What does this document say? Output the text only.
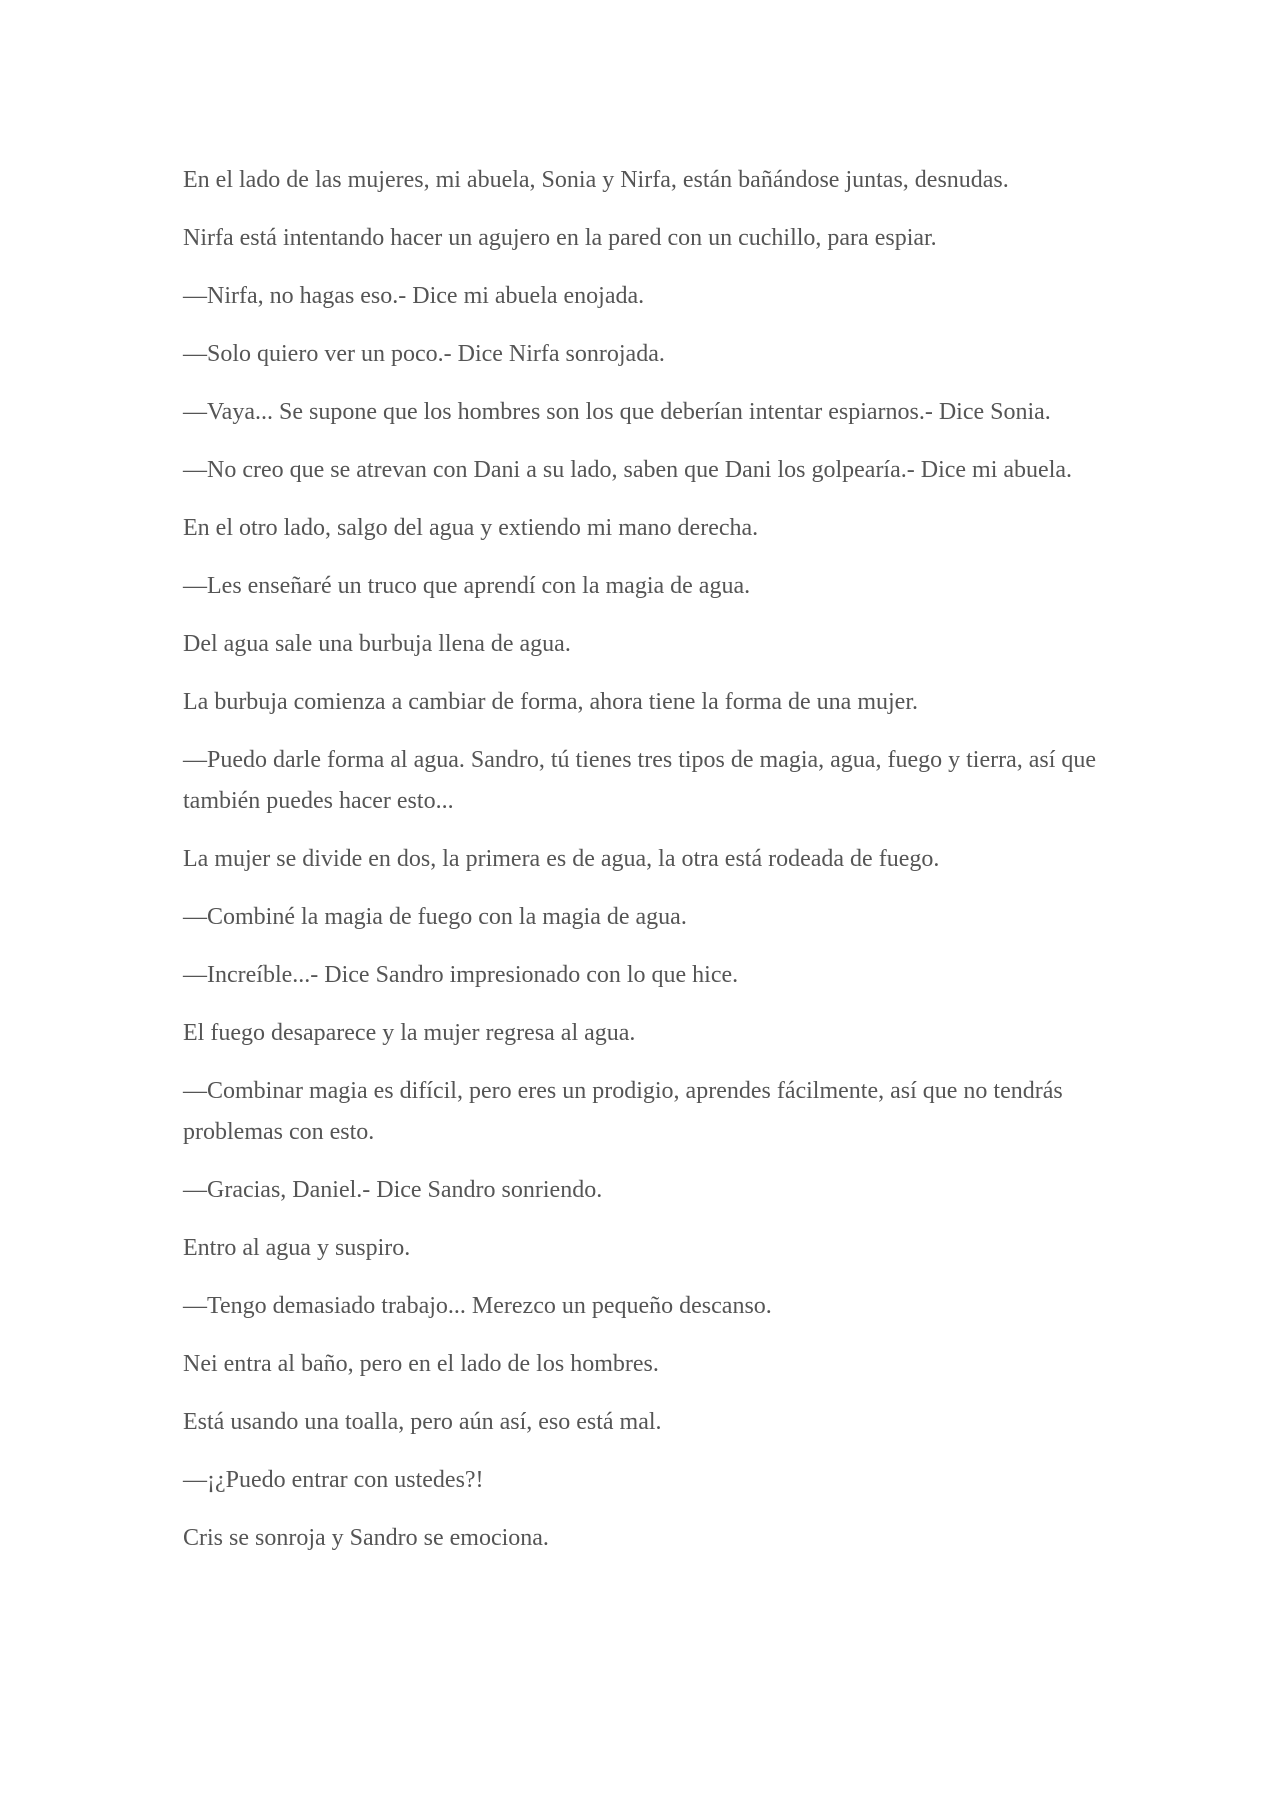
En el lado de las mujeres, mi abuela, Sonia y Nirfa, están bañándose juntas, desnudas.

Nirfa está intentando hacer un agujero en la pared con un cuchillo, para espiar.

—Nirfa, no hagas eso.- Dice mi abuela enojada.

—Solo quiero ver un poco.- Dice Nirfa sonrojada.

—Vaya... Se supone que los hombres son los que deberían intentar espiarnos.- Dice Sonia.

—No creo que se atrevan con Dani a su lado, saben que Dani los golpearía.- Dice mi abuela.

En el otro lado, salgo del agua y extiendo mi mano derecha.

—Les enseñaré un truco que aprendí con la magia de agua.

Del agua sale una burbuja llena de agua.

La burbuja comienza a cambiar de forma, ahora tiene la forma de una mujer.

—Puedo darle forma al agua. Sandro, tú tienes tres tipos de magia, agua, fuego y tierra, así que también puedes hacer esto...

La mujer se divide en dos, la primera es de agua, la otra está rodeada de fuego.

—Combiné la magia de fuego con la magia de agua.

—Increíble...- Dice Sandro impresionado con lo que hice.

El fuego desaparece y la mujer regresa al agua.

—Combinar magia es difícil, pero eres un prodigio, aprendes fácilmente, así que no tendrás problemas con esto.

—Gracias, Daniel.- Dice Sandro sonriendo.

Entro al agua y suspiro.

—Tengo demasiado trabajo... Merezco un pequeño descanso.

Nei entra al baño, pero en el lado de los hombres.

Está usando una toalla, pero aún así, eso está mal.

—¡¿Puedo entrar con ustedes?!

Cris se sonroja y Sandro se emociona.
